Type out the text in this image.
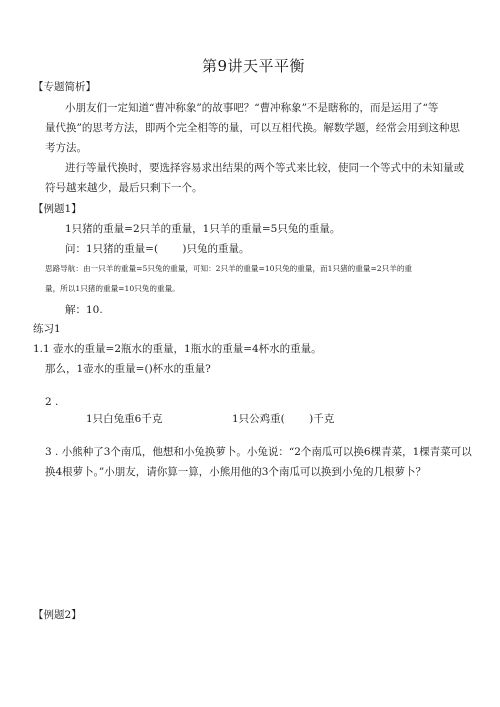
第9讲天平平衡
【专题简析】
小朋友们一定知道“曹冲称象”的故事吧？“曹冲称象”不是瞎称的，而是运用了“等
量代换”的思考方法，即两个完全相等的量，可以互相代换。解数学题，经常会用到这种思
考方法。
进行等量代换时，要选择容易求出结果的两个等式来比较，使同一个等式中的未知量或
符号越来越少，最后只剩下一个。
【例题1】
1只猪的重量=2只羊的重量，1只羊的重量=5只兔的重量。
问：1只猪的重量=(　　 )只兔的重量。
思路导航：由一只羊的重量=5只兔的重量，可知：2只羊的重量=10只兔的重量，而1只猪的重量=2只羊的重
量，所以1只猪的重量=10只兔的重量。
解：10.
练习1
1.1 壶水的重量=2瓶水的重量，1瓶水的重量=4杯水的重量。
那么，1壶水的重量=()杯水的重量?
2 .
1只白兔重6千克	1只公鸡重(　　 )千克
3 . 小熊种了3个南瓜，他想和小兔换萝卜。小兔说：“2个南瓜可以换6棵青菜，1棵青菜可以
换4根萝卜。”小朋友，请你算一算，小熊用他的3个南瓜可以换到小兔的几根萝卜？
【例题2】
